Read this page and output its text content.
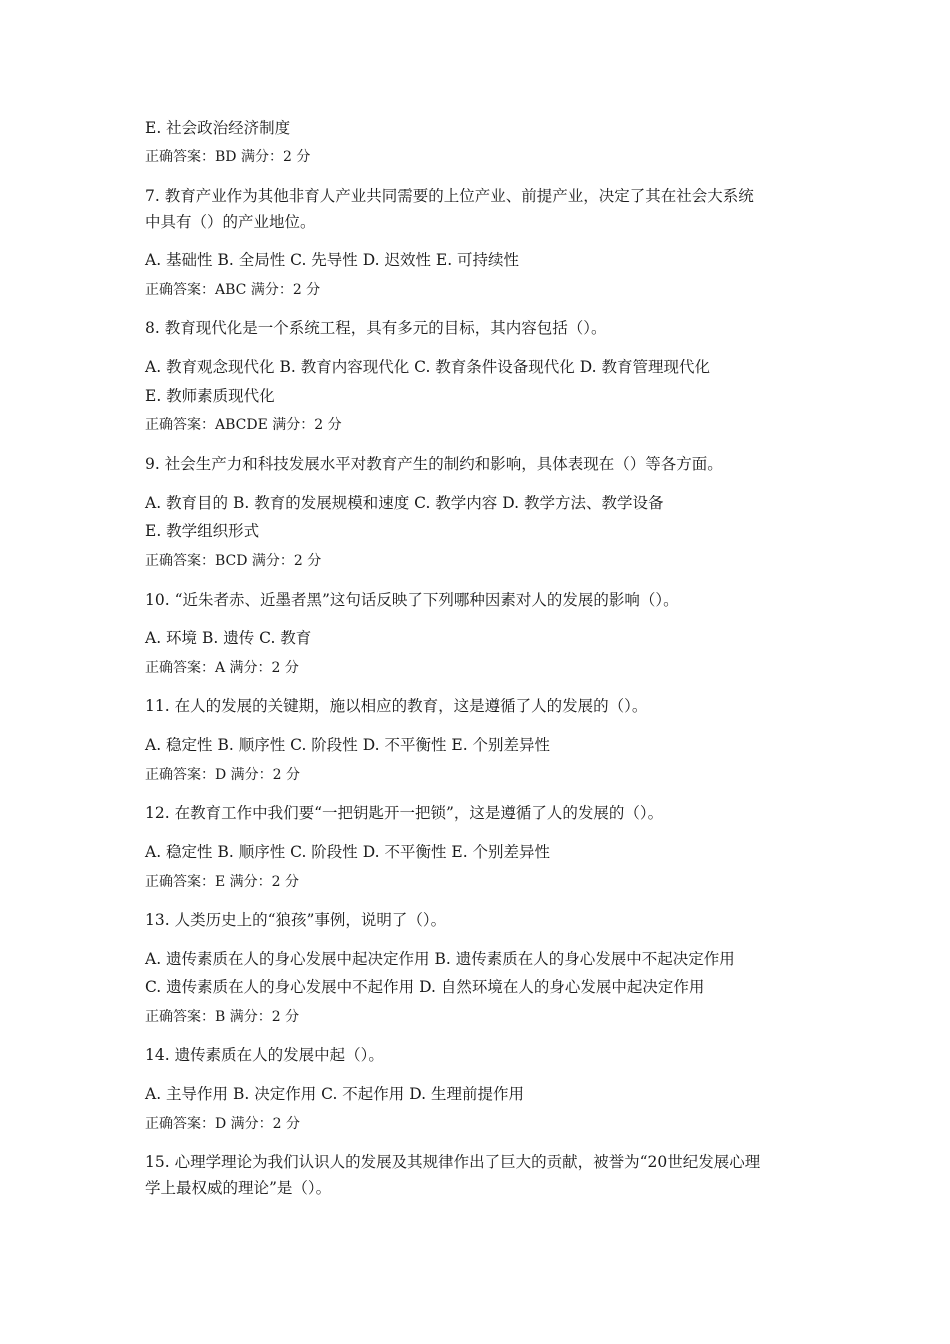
E. 社会政治经济制度
正确答案：BD 满分：2 分
7. 教育产业作为其他非育人产业共同需要的上位产业、前提产业，决定了其在社会大系统
中具有（）的产业地位。
A. 基础性 B. 全局性 C. 先导性 D. 迟效性 E. 可持续性
正确答案：ABC 满分：2 分
8. 教育现代化是一个系统工程，具有多元的目标，其内容包括（）。
A. 教育观念现代化 B. 教育内容现代化 C. 教育条件设备现代化 D. 教育管理现代化
E. 教师素质现代化
正确答案：ABCDE 满分：2 分
9. 社会生产力和科技发展水平对教育产生的制约和影响，具体表现在（）等各方面。
A. 教育目的 B. 教育的发展规模和速度 C. 教学内容 D. 教学方法、教学设备
E. 教学组织形式
正确答案：BCD 满分：2 分
10. “近朱者赤、近墨者黑”这句话反映了下列哪种因素对人的发展的影响（）。
A. 环境 B. 遗传 C. 教育
正确答案：A 满分：2 分
11. 在人的发展的关键期，施以相应的教育，这是遵循了人的发展的（）。
A. 稳定性 B. 顺序性 C. 阶段性 D. 不平衡性 E. 个别差异性
正确答案：D 满分：2 分
12. 在教育工作中我们要“一把钥匙开一把锁”，这是遵循了人的发展的（）。
A. 稳定性 B. 顺序性 C. 阶段性 D. 不平衡性 E. 个别差异性
正确答案：E 满分：2 分
13. 人类历史上的“狼孩”事例，说明了（）。
A. 遗传素质在人的身心发展中起决定作用 B. 遗传素质在人的身心发展中不起决定作用
C. 遗传素质在人的身心发展中不起作用 D. 自然环境在人的身心发展中起决定作用
正确答案：B 满分：2 分
14. 遗传素质在人的发展中起（）。
A. 主导作用 B. 决定作用 C. 不起作用 D. 生理前提作用
正确答案：D 满分：2 分
15. 心理学理论为我们认识人的发展及其规律作出了巨大的贡献，被誉为“20世纪发展心理
学上最权威的理论”是（）。
